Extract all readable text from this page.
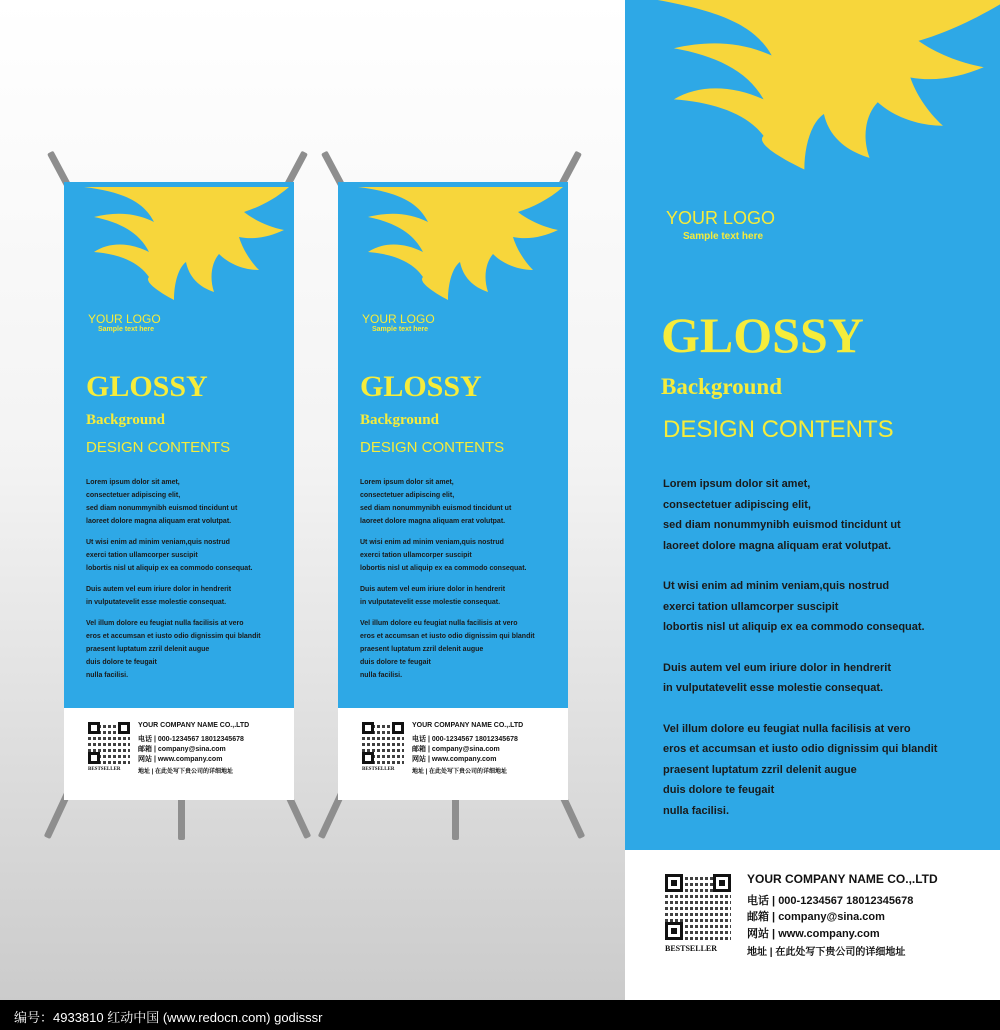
YOUR LOGO
Sample text here
GLOSSY
Background
DESIGN CONTENTS
Lorem ipsum dolor sit amet,
consectetuer adipiscing elit,
sed diam nonummynibh euismod tincidunt ut
laoreet dolore magna aliquam erat volutpat.
Ut wisi enim ad minim veniam,quis nostrud
exerci tation ullamcorper suscipit
lobortis nisl ut aliquip ex ea commodo consequat.
Duis autem vel eum iriure dolor in hendrerit
in vulputatevelit esse molestie consequat.
Vel illum dolore eu feugiat nulla facilisis at vero
eros et accumsan et iusto odio dignissim qui blandit
praesent luptatum zzril delenit augue
duis dolore te feugait
nulla facilisi.
BESTSELLER
YOUR COMPANY NAME CO.,.LTD
电话 | 000-1234567 18012345678
邮箱 | company@sina.com
网站 | www.company.com
地址 | 在此处写下贵公司的详细地址
YOUR LOGO
Sample text here
GLOSSY
Background
DESIGN CONTENTS
Lorem ipsum dolor sit amet,
consectetuer adipiscing elit,
sed diam nonummynibh euismod tincidunt ut
laoreet dolore magna aliquam erat volutpat.
Ut wisi enim ad minim veniam,quis nostrud
exerci tation ullamcorper suscipit
lobortis nisl ut aliquip ex ea commodo consequat.
Duis autem vel eum iriure dolor in hendrerit
in vulputatevelit esse molestie consequat.
Vel illum dolore eu feugiat nulla facilisis at vero
eros et accumsan et iusto odio dignissim qui blandit
praesent luptatum zzril delenit augue
duis dolore te feugait
nulla facilisi.
BESTSELLER
YOUR COMPANY NAME CO.,.LTD
电话 | 000-1234567 18012345678
邮箱 | company@sina.com
网站 | www.company.com
地址 | 在此处写下贵公司的详细地址
YOUR LOGO
Sample text here
GLOSSY
Background
DESIGN CONTENTS
Lorem ipsum dolor sit amet,
consectetuer adipiscing elit,
sed diam nonummynibh euismod tincidunt ut
laoreet dolore magna aliquam erat volutpat.
Ut wisi enim ad minim veniam,quis nostrud
exerci tation ullamcorper suscipit
lobortis nisl ut aliquip ex ea commodo consequat.
Duis autem vel eum iriure dolor in hendrerit
in vulputatevelit esse molestie consequat.
Vel illum dolore eu feugiat nulla facilisis at vero
eros et accumsan et iusto odio dignissim qui blandit
praesent luptatum zzril delenit augue
duis dolore te feugait
nulla facilisi.
BESTSELLER
YOUR COMPANY NAME CO.,.LTD
电话 | 000-1234567 18012345678
邮箱 | company@sina.com
网站 | www.company.com
地址 | 在此处写下贵公司的详细地址
编号：4933810 红动中国 (www.redocn.com) godisssr
